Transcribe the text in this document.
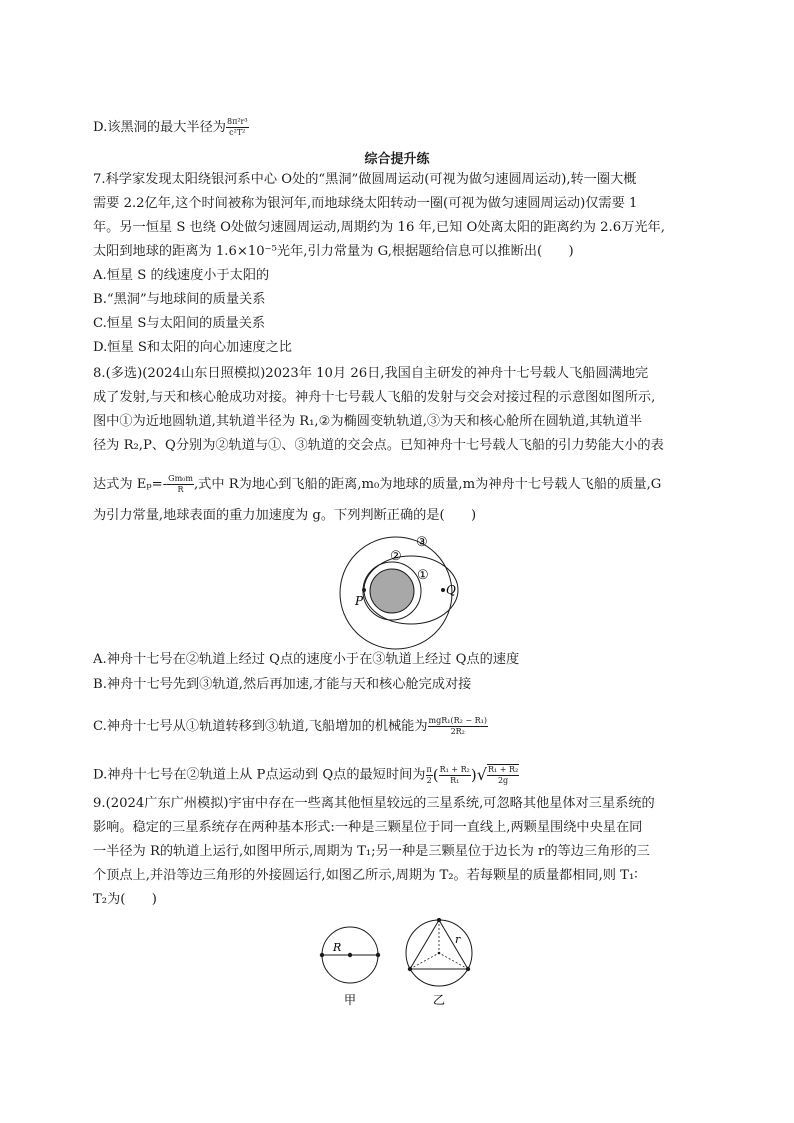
D.该黑洞的最大半径为 $\frac{\text{8π²r³}}{\text{c²T²}}$
综合提升练
7.科学家发现太阳绕银河系中心 O处的“黑洞”做圆周运动(可视为做匀速圆周运动),转一圈大概
需要 2.2亿年,这个时间被称为银河年,而地球绕太阳转动一圈(可视为做匀速圆周运动)仅需要 1
年。另一恒星 S 也绕 O处做匀速圆周运动,周期约为 16 年,已知 O处离太阳的距离约为 2.6万光年,
太阳到地球的距离为 1.6×10⁻⁵光年,引力常量为 G,根据题给信息可以推断出(　　)
A.恒星 S 的线速度小于太阳的
B.“黑洞”与地球间的质量关系
C.恒星 S与太阳间的质量关系
D.恒星 S和太阳的向心加速度之比
8.(多选)(2024山东日照模拟)2023年 10月 26日,我国自主研发的神舟十七号载人飞船圆满地完
成了发射,与天和核心舱成功对接。神舟十七号载人飞船的发射与交会对接过程的示意图如图所示,
图中①为近地圆轨道,其轨道半径为 R₁,②为椭圆变轨轨道,③为天和核心舱所在圆轨道,其轨道半
径为 R₂,P、Q分别为②轨道与①、③轨道的交会点。已知神舟十七号载人飞船的引力势能大小的表
达式为 $E_p=- \frac{\text{Gm₀m}}{R}$ ,式中 R为地心到飞船的距离,m₀为地球的质量,m为神舟十七号载人飞船的质量,G
为引力常量,地球表面的重力加速度为 g。下列判断正确的是(　　)
①
②
③
P
Q
A.神舟十七号在②轨道上经过 Q点的速度小于在③轨道上经过 Q点的速度
B.神舟十七号先到③轨道,然后再加速,才能与天和核心舱完成对接
C.神舟十七号从①轨道转移到③轨道,飞船增加的机械能为 $\frac{\text{mgR₁(R₂ − R₁)}}{\text{2R₂}}$
D.神舟十七号在②轨道上从 P点运动到 Q点的最短时间为 $\frac{\pi}{2}$ ( $\frac{\text{R₁ + R₂}}{\text{R₁}}$ )√ $\frac{\text{R₁ + R₂}}{2g}$
9.(2024广东广州模拟)宇宙中存在一些离其他恒星较远的三星系统,可忽略其他星体对三星系统的
影响。稳定的三星系统存在两种基本形式:一种是三颗星位于同一直线上,两颗星围绕中央星在同
一半径为 R的轨道上运行,如图甲所示,周期为 T₁;另一种是三颗星位于边长为 r的等边三角形的三
个顶点上,并沿等边三角形的外接圆运行,如图乙所示,周期为 T₂。若每颗星的质量都相同,则 T₁∶
T₂为(　　)
R
甲
r
乙
